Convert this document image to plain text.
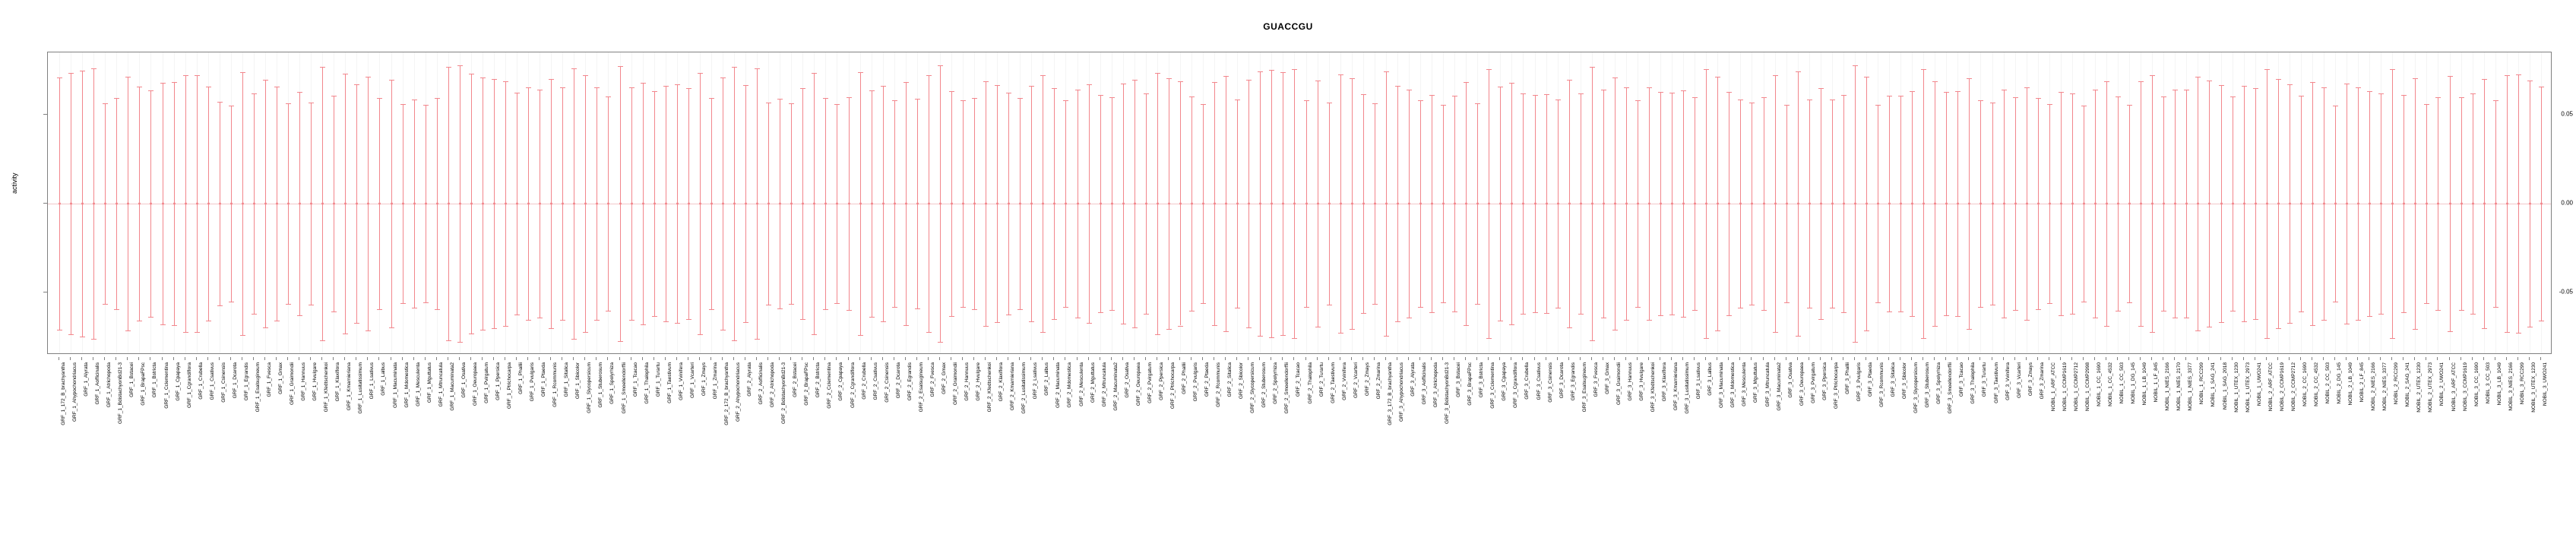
GUACCGU
activity
-0.05
0.00
0.05
GRF_1_172_B_brachyantha GRF_1_Ahypochondriacus GRF_1_Alyrata GRF_1_Aofficinalis GRF_1_Atrichopoda GRF_1_BdistachyonBd21-3 GRF_1_Bstacei GRF_1_BrapaFPsc GRF_1_Bstricta GRF_1_Cclementina GRF_1_Cpapaya GRF_1_Cgrandiflora GRF_1_Crubella GRF_1_Csativus GRF_1_Csinensis GRF_1_Dcarota GRF_1_Egrandis GRF_1_Esalsugineum GRF_1_Fvesca GRF_1_Gmax GRF_1_Graimondii GRF_1_Hannuus GRF_1_Hvulgare GRF_1_Kfedtschenkoi GRF_1_Klaxiflora GRF_1_Kmarnieriana GRF_1_Lusitatissimum GRF_1_Lsativus GRF_1_Lalbus GRF_1_Macuminata GRF_1_Mdomestica GRF_1_Mesculenta GRF_1_Mguttatus GRF_1_Mtruncatula GRF_1_Macuminata2 GRF_1_Osativa GRF_1_Oeuropaea GRF_1_Pvirgatum GRF_1_Ppersica GRF_1_Ptrichocarpa GRF_1_Phallii GRF_1_Pvulgaris GRF_1_Ptaeda GRF_1_Rcommunis GRF_1_Sitalica GRF_1_Sbicolor GRF_1_Slycopersicum GRF_1_Stuberosum GRF_1_Spolyrhiza GRF_1_Smoellendorffii GRF_1_Tcacao GRF_1_Thalophila GRF_1_Turartu GRF_1_Taestivum GRF_1_Vvinifera GRF_1_Vcarteri GRF_1_Zmays GRF_1_Zmarina GRF_2_172_B_brachyantha GRF_2_Ahypochondriacus GRF_2_Alyrata GRF_2_Aofficinalis GRF_2_Atrichopoda GRF_2_BdistachyonBd21-3 GRF_2_Bstacei GRF_2_BrapaFPsc GRF_2_Bstricta GRF_2_Cclementina GRF_2_Cpapaya GRF_2_Cgrandiflora GRF_2_Crubella GRF_2_Csativus GRF_2_Csinensis GRF_2_Dcarota GRF_2_Egrandis GRF_2_Esalsugineum GRF_2_Fvesca GRF_2_Gmax GRF_2_Graimondii GRF_2_Hannuus GRF_2_Hvulgare GRF_2_Kfedtschenkoi GRF_2_Klaxiflora GRF_2_Kmarnieriana GRF_2_Lusitatissimum GRF_2_Lsativus GRF_2_Lalbus GRF_2_Macuminata GRF_2_Mdomestica GRF_2_Mesculenta GRF_2_Mguttatus GRF_2_Mtruncatula GRF_2_Macuminata2 GRF_2_Osativa GRF_2_Oeuropaea GRF_2_Pvirgatum GRF_2_Ppersica GRF_2_Ptrichocarpa GRF_2_Phallii GRF_2_Pvulgaris GRF_2_Ptaeda GRF_2_Rcommunis GRF_2_Sitalica GRF_2_Sbicolor GRF_2_Slycopersicum GRF_2_Stuberosum GRF_2_Spolyrhiza GRF_2_Smoellendorffii GRF_2_Tcacao GRF_2_Thalophila GRF_2_Turartu GRF_2_Taestivum GRF_2_Vvinifera GRF_2_Vcarteri GRF_2_Zmays GRF_2_Zmarina GRF_3_172_B_brachyantha GRF_3_Ahypochondriacus GRF_3_Alyrata GRF_3_Aofficinalis GRF_3_Atrichopoda GRF_3_BdistachyonBd21-3 GRF_3_Bstacei GRF_3_BrapaFPsc GRF_3_Bstricta GRF_3_Cclementina GRF_3_Cpapaya GRF_3_Cgrandiflora GRF_3_Crubella GRF_3_Csativus GRF_3_Csinensis GRF_3_Dcarota GRF_3_Egrandis GRF_3_Esalsugineum GRF_3_Fvesca GRF_3_Gmax GRF_3_Graimondii GRF_3_Hannuus GRF_3_Hvulgare GRF_3_Kfedtschenkoi GRF_3_Klaxiflora GRF_3_Kmarnieriana GRF_3_Lusitatissimum GRF_3_Lsativus GRF_3_Lalbus GRF_3_Macuminata GRF_3_Mdomestica GRF_3_Mesculenta GRF_3_Mguttatus GRF_3_Mtruncatula GRF_3_Macuminata2 GRF_3_Osativa GRF_3_Oeuropaea GRF_3_Pvirgatum GRF_3_Ppersica GRF_3_Ptrichocarpa GRF_3_Phallii GRF_3_Pvulgaris GRF_3_Ptaeda GRF_3_Rcommunis GRF_3_Sitalica GRF_3_Sbicolor GRF_3_Slycopersicum GRF_3_Stuberosum GRF_3_Spolyrhiza GRF_3_Smoellendorffii GRF_3_Tcacao GRF_3_Thalophila GRF_3_Turartu GRF_3_Taestivum GRF_3_Vvinifera GRF_3_Vcarteri GRF_3_Zmays GRF_3_Zmarina NOBIL_1_ARF_ATCC NOBIL_1_CCMP1619 NOBIL_1_CCMP2712 NOBIL_1_CCMP2998 NOBIL_1_CC_1690 NOBIL_1_CC_4532 NOBIL_1_CC_503 NOBIL_1_DG_145 NOBIL_1_LB_1049 NOBIL_1_LF_845 NOBIL_1_NIES_2166 NOBIL_1_NIES_2170 NOBIL_1_NIES_3377 NOBIL_1_RCC299 NOBIL_1_SAG_241 NOBIL_1_SAG_2018 NOBIL_1_UTEX_1230 NOBIL_1_UTEX_2973 NOBIL_1_UWO241 NOBIL_2_ARF_ATCC NOBIL_2_CCMP1619 NOBIL_2_CCMP2712 NOBIL_2_CC_1690 NOBIL_2_CC_4532 NOBIL_2_CC_503 NOBIL_2_DG_145 NOBIL_2_LB_1049 NOBIL_2_LF_845 NOBIL_2_NIES_2166 NOBIL_2_NIES_3377 NOBIL_2_RCC299 NOBIL_2_SAG_241 NOBIL_2_UTEX_1230 NOBIL_2_UTEX_2973 NOBIL_2_UWO241 NOBIL_3_ARF_ATCC NOBIL_3_CCMP1619 NOBIL_3_CC_1690 NOBIL_3_CC_503 NOBIL_3_LB_1049 NOBIL_3_NIES_2166 NOBIL_3_RCC299 NOBIL_3_UTEX_1230 NOBIL_3_UWO241
